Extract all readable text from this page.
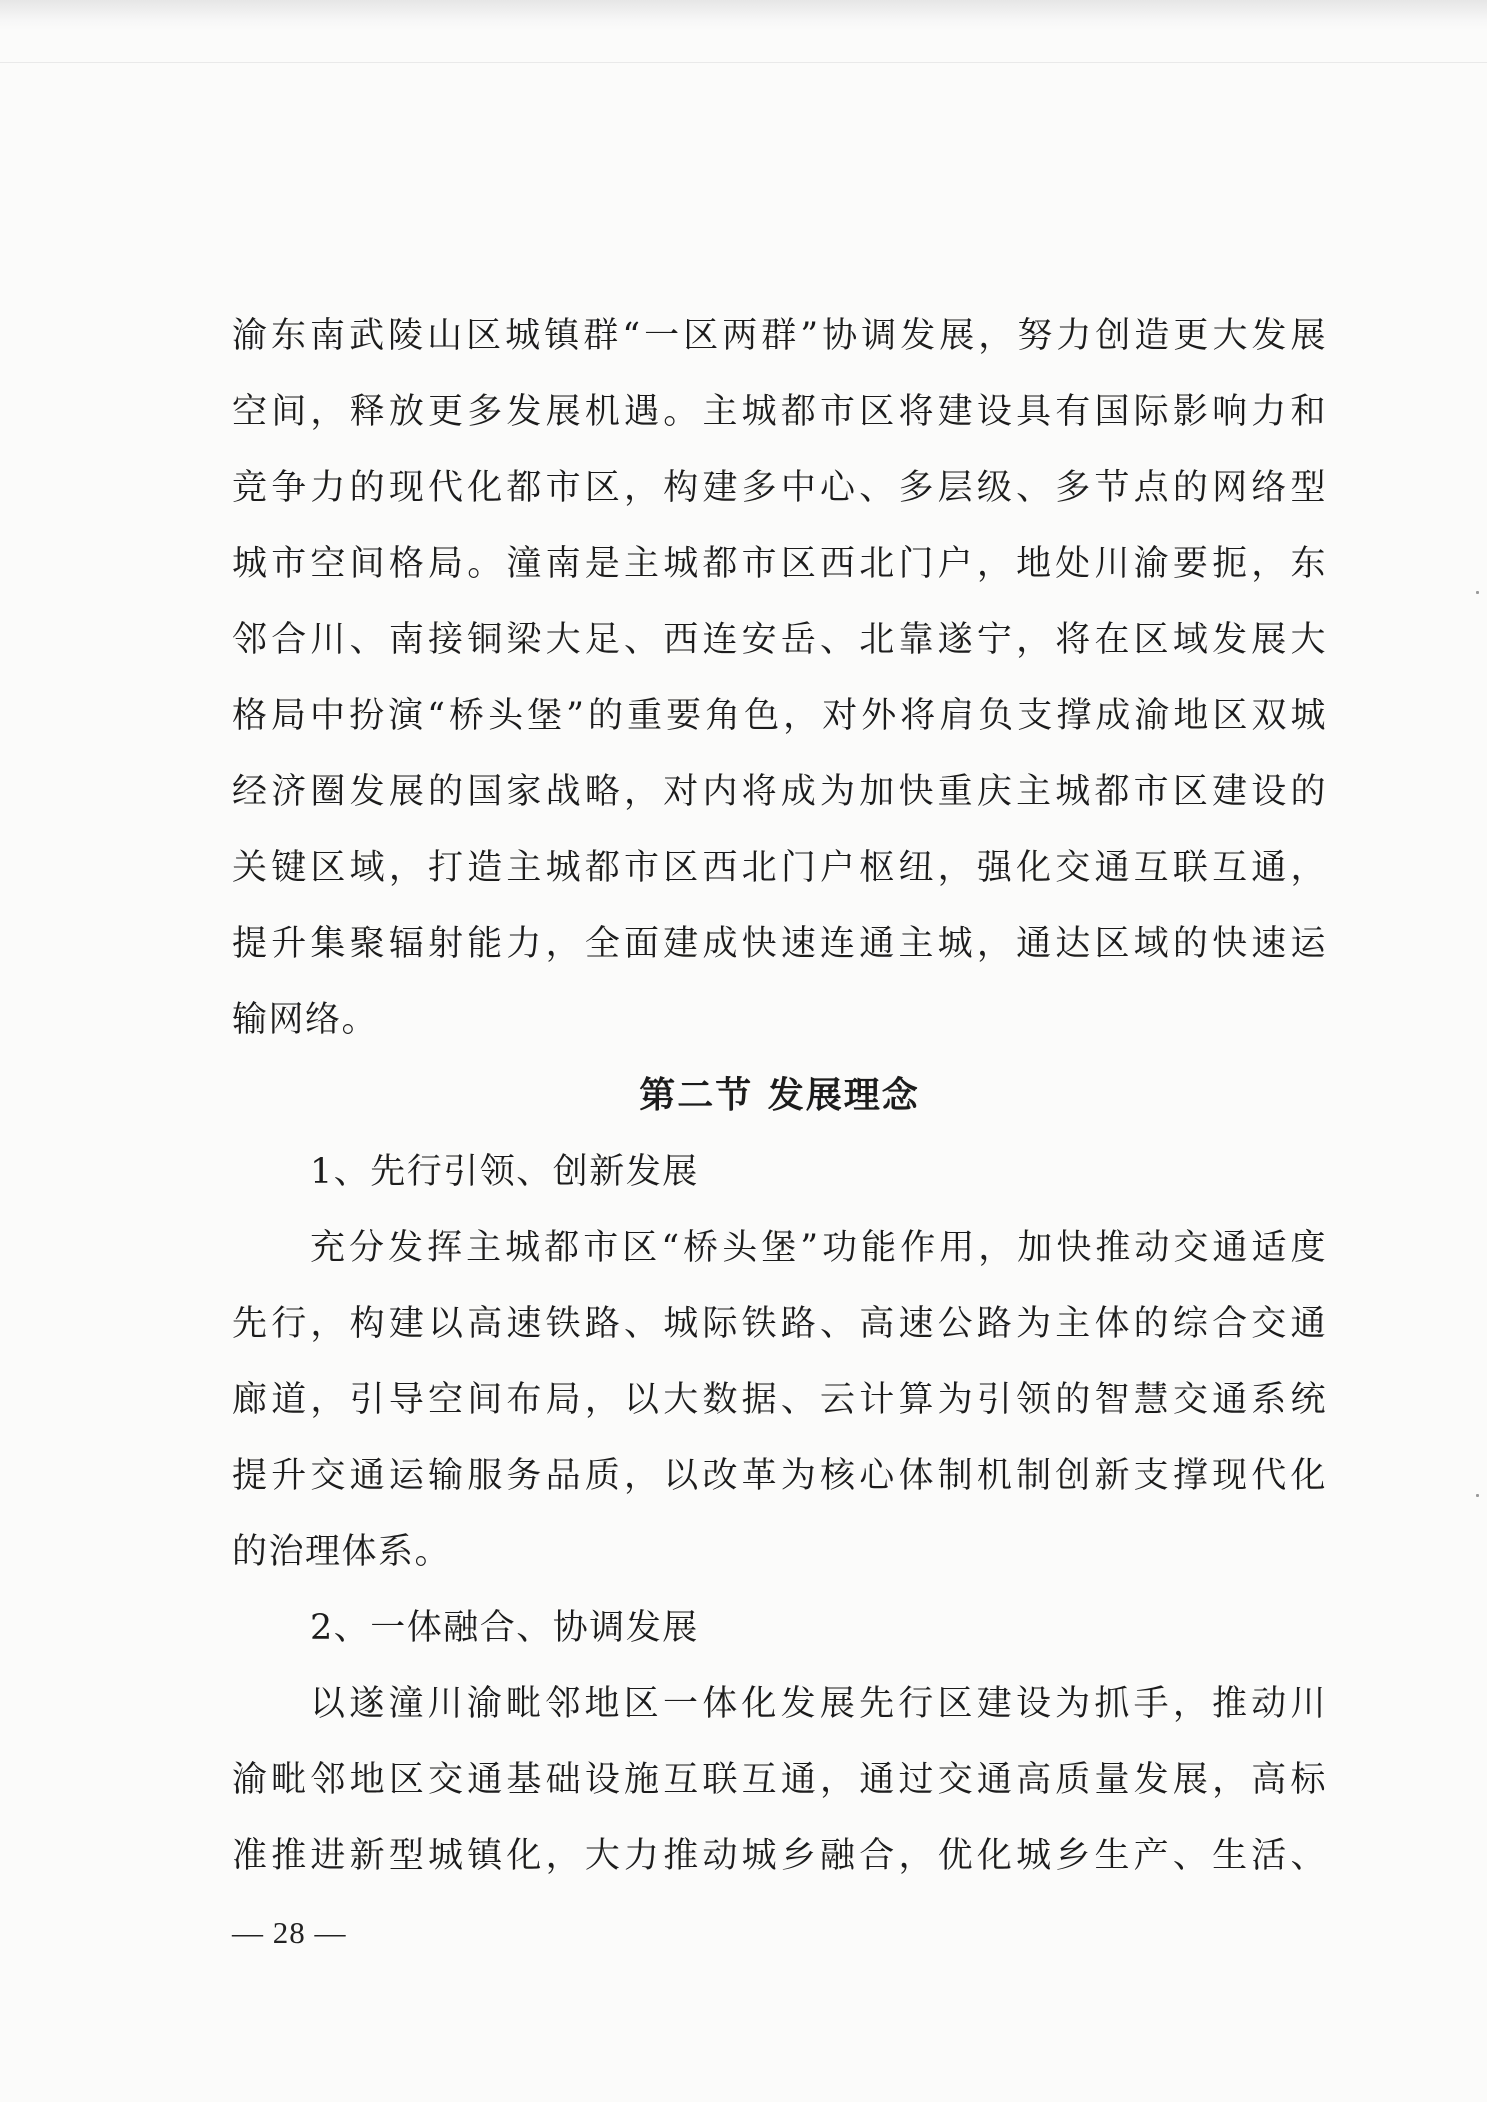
渝东南武陵山区城镇群“一区两群”协调发展，努力创造更大发展
空间，释放更多发展机遇。主城都市区将建设具有国际影响力和
竞争力的现代化都市区，构建多中心、多层级、多节点的网络型
城市空间格局。潼南是主城都市区西北门户，地处川渝要扼，东
邻合川、南接铜梁大足、西连安岳、北靠遂宁，将在区域发展大
格局中扮演“桥头堡”的重要角色，对外将肩负支撑成渝地区双城
经济圈发展的国家战略，对内将成为加快重庆主城都市区建设的
关键区域，打造主城都市区西北门户枢纽，强化交通互联互通，
提升集聚辐射能力，全面建成快速连通主城，通达区域的快速运
输网络。
第二节 发展理念
1、先行引领、创新发展
充分发挥主城都市区“桥头堡”功能作用，加快推动交通适度
先行，构建以高速铁路、城际铁路、高速公路为主体的综合交通
廊道，引导空间布局，以大数据、云计算为引领的智慧交通系统
提升交通运输服务品质，以改革为核心体制机制创新支撑现代化
的治理体系。
2、一体融合、协调发展
以遂潼川渝毗邻地区一体化发展先行区建设为抓手，推动川
渝毗邻地区交通基础设施互联互通，通过交通高质量发展，高标
准推进新型城镇化，大力推动城乡融合，优化城乡生产、生活、
— 28 —
